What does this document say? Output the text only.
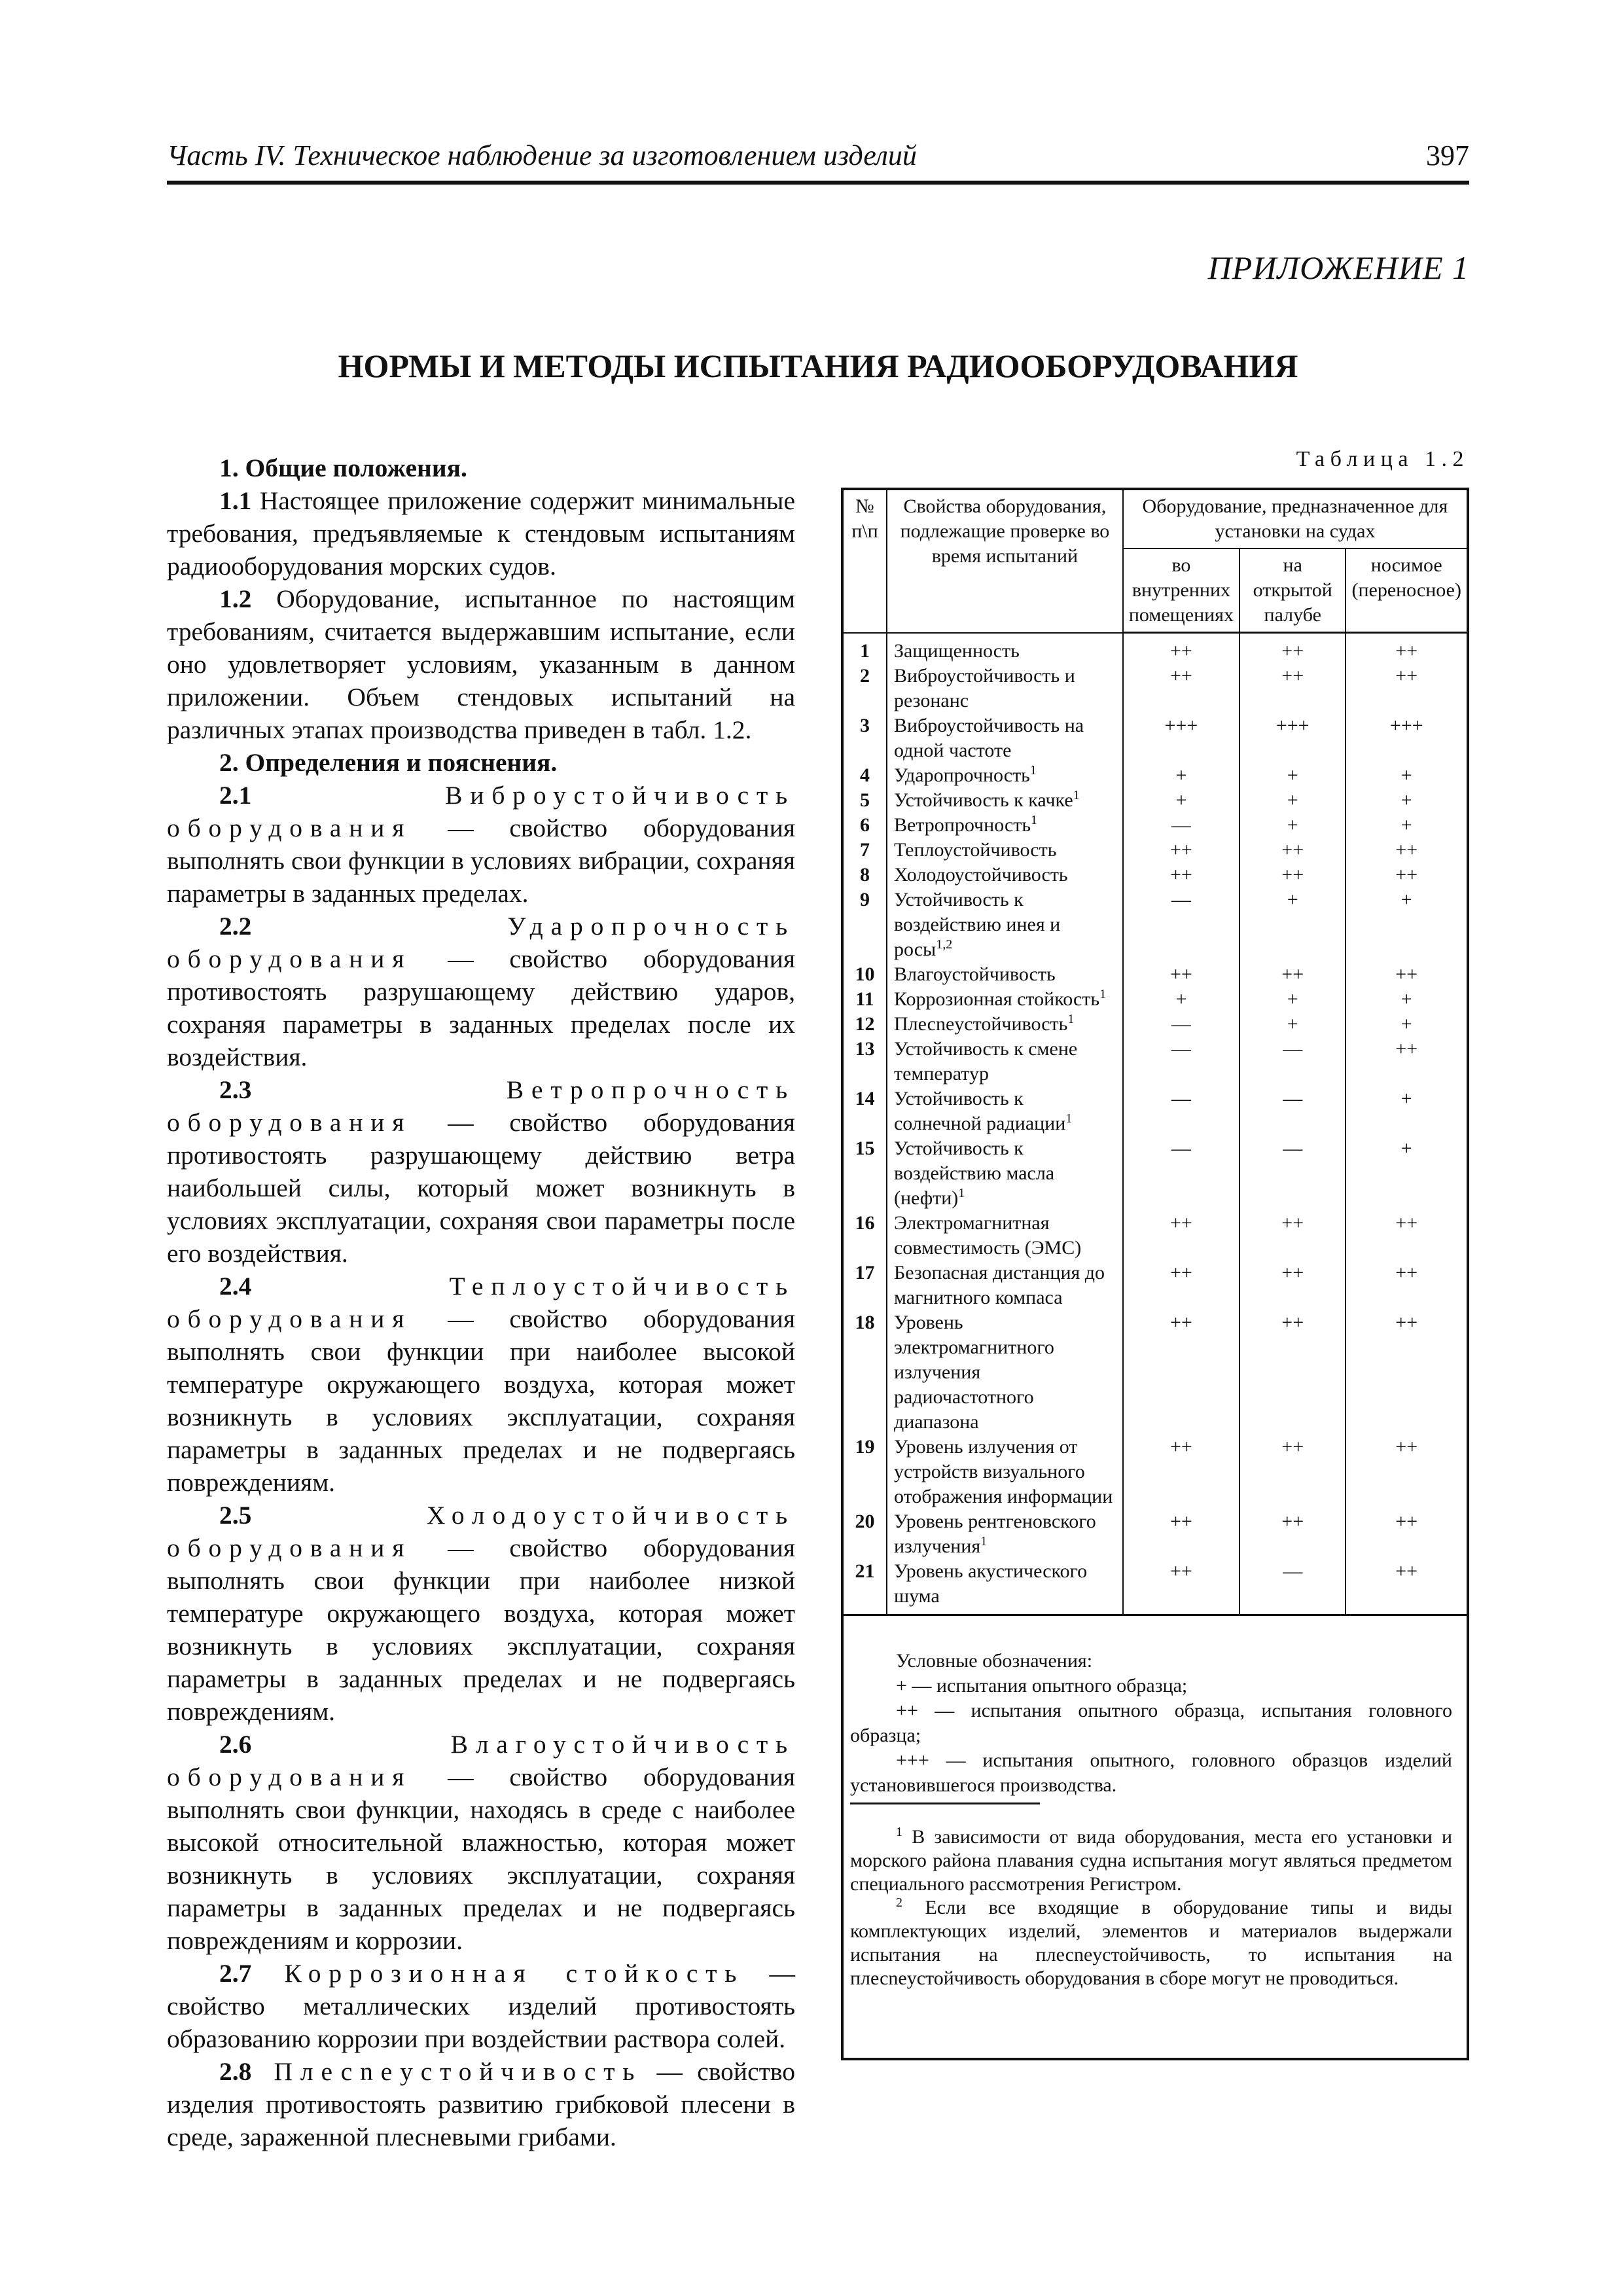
Часть IV. Техническое наблюдение за изготовлением изделий	397
ПРИЛОЖЕНИЕ 1
НОРМЫ И МЕТОДЫ ИСПЫТАНИЯ РАДИООБОРУДОВАНИЯ

1. Общие положения.

1.1 Настоящее приложение содержит минимальные требования, предъявляемые к стендовым испытаниям радиооборудования морских судов.

1.2 Оборудование, испытанное по настоящим требованиям, считается выдержавшим испытание, если оно удовлетворяет условиям, указанным в данном приложении. Объем стендовых испытаний на различных этапах производства приведен в табл. 1.2.

2. Определения и пояснения.

2.1 Виброустойчивость оборудования — свойство оборудования выполнять свои функции в условиях вибрации, сохраняя параметры в заданных пределах.

2.2 Ударопрочность оборудования — свойство оборудования противостоять разрушающему действию ударов, сохраняя параметры в заданных пределах после их воздействия.

2.3 Ветропрочность оборудования — свойство оборудования противостоять разрушающему действию ветра наибольшей силы, который может возникнуть в условиях эксплуатации, сохраняя свои параметры после его воздействия.

2.4 Теплоустойчивость оборудования — свойство оборудования выполнять свои функции при наиболее высокой температуре окружающего воздуха, которая может возникнуть в условиях эксплуатации, сохраняя параметры в заданных пределах и не подвергаясь повреждениям.

2.5 Холодоустойчивость оборудования — свойство оборудования выполнять свои функции при наиболее низкой температуре окружающего воздуха, которая может возникнуть в условиях эксплуатации, сохраняя параметры в заданных пределах и не подвергаясь повреждениям.

2.6 Влагоустойчивость оборудования — свойство оборудования выполнять свои функции, находясь в среде с наиболее высокой относительной влажностью, которая может возникнуть в условиях эксплуатации, сохраняя параметры в заданных пределах и не подвергаясь повреждениям и коррозии.

2.7 Коррозионная стойкость — свойство металлических изделий противостоять образованию коррозии при воздействии раствора солей.

2.8 Плесneустойчивость — свойство изделия противостоять развитию грибковой плесени в среде, зараженной плесневыми грибами.

Таблица 1.2
№ п\п	Свойства оборудования, подлежащие проверке во время испытаний	Оборудование, предназначенное для установки на судах		
		во внутренних помещениях	на открытой палубе	носимое (переносное)
1	Защищенность	++	++	++
2	Виброустойчивость и резонанс	++	++	++
3	Виброустойчивость на одной частоте	+++	+++	+++
4	Ударопрочность$^1$	+	+	+
5	Устойчивость к качке$^1$	+	+	+
6	Ветропрочность$^1$	—	+	+
7	Теплоустойчивость	++	++	++
8	Холодоустойчивость	++	++	++
9	Устойчивость к воздействию инея и росы$^{1,2}$	—	+	+
10	Влагоустойчивость	++	++	++
11	Коррозионная стойкость$^1$	+	+	+
12	Плесneустойчивость$^1$	—	+	+
13	Устойчивость к смене температур	—	—	++
14	Устойчивость к солнечной радиации$^1$	—	—	+
15	Устойчивость к воздействию масла (нефти)$^1$	—	—	+
16	Электромагнитная совместимость (ЭМС)	++	++	++
17	Безопасная дистанция до магнитного компаса	++	++	++
18	Уровень электромагнитного излучения радиочастотного диапазона	++	++	++
19	Уровень излучения от устройств визуального отображения информации	++	++	++
20	Уровень рентгеновского излучения$^1$	++	++	++
21	Уровень акустического шума	++	—	++

Условные обозначения:

+ — испытания опытного образца;

++ — испытания опытного образца, испытания головного образца;

+++ — испытания опытного, головного образцов изделий установившегося производства.

$^1$ В зависимости от вида оборудования, места его установки и морского района плавания судна испытания могут являться предметом специального рассмотрения Регистром.

$^2$ Если все входящие в оборудование типы и виды комплектующих изделий, элементов и материалов выдержали испытания на плесneустойчивость, то испытания на плесneустойчивость оборудования в сборе могут не проводиться.
